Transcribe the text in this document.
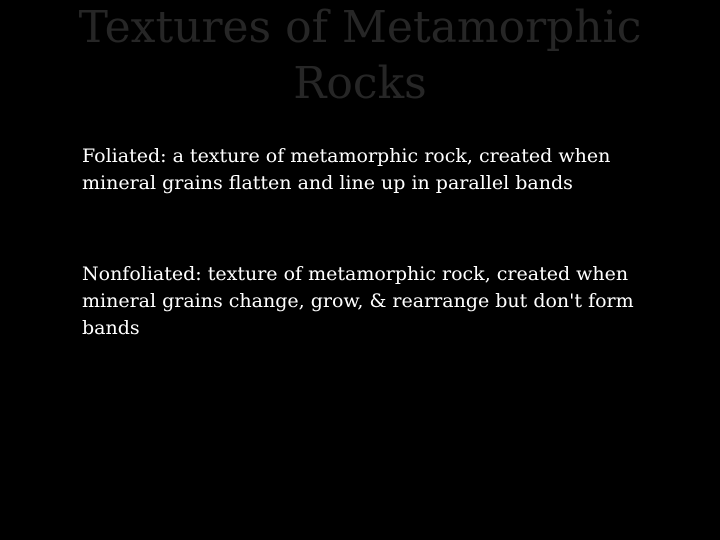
Textures of Metamorphic
Rocks

Foliated: a texture of metamorphic rock, created when mineral grains flatten and line up in parallel bands

Nonfoliated: texture of metamorphic rock, created when mineral grains change, grow, & rearrange but don't form bands
